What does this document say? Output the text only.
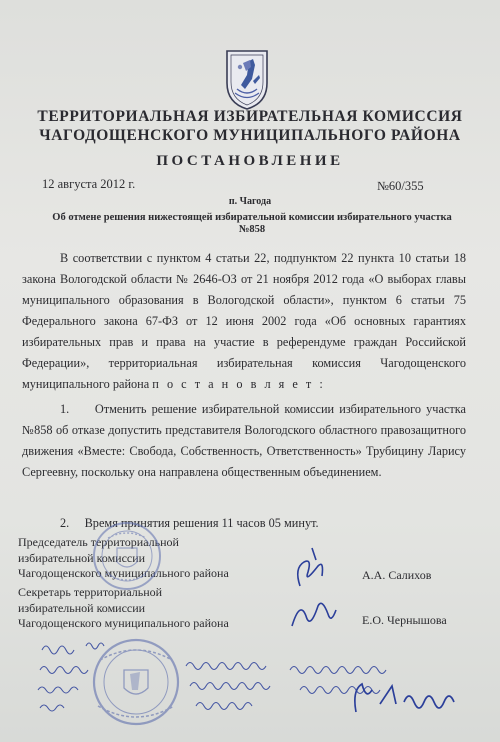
ТЕРРИТОРИАЛЬНАЯ ИЗБИРАТЕЛЬНАЯ КОМИССИЯ
ЧАГОДОЩЕНСКОГО МУНИЦИПАЛЬНОГО РАЙОНА
ПОСТАНОВЛЕНИЕ
12 августа 2012 г.	№60/355
п. Чагода
Об отмене решения нижестоящей избирательной комиссии избирательного участка №858
В соответствии с пунктом 4 статьи 22, подпунктом 22 пункта 10 статьи 18 закона Вологодской области № 2646-ОЗ от 21 ноября 2012 года «О выборах главы муниципального образования в Вологодской области», пунктом 6 статьи 75 Федерального закона 67-ФЗ от 12 июня 2002 года «Об основных гарантиях избирательных прав и права на участие в референдуме граждан Российской Федерации», территориальная избирательная комиссия Чагодощенского муниципального района п о с т а н о в л я е т :
1. Отменить решение избирательной комиссии избирательного участка №858 об отказе допустить представителя Вологодского областного правозащитного движения «Вместе: Свобода, Собственность, Ответственность» Трубицину Ларису Сергеевну, поскольку она направлена общественным объединением.
2. Время принятия решения 11 часов 05 минут.
Председатель территориальной
избирательной комиссии
Чагодощенского муниципального района	А.А. Салихов
Секретарь территориальной
избирательной комиссии
Чагодощенского муниципального района	Е.О. Чернышова
